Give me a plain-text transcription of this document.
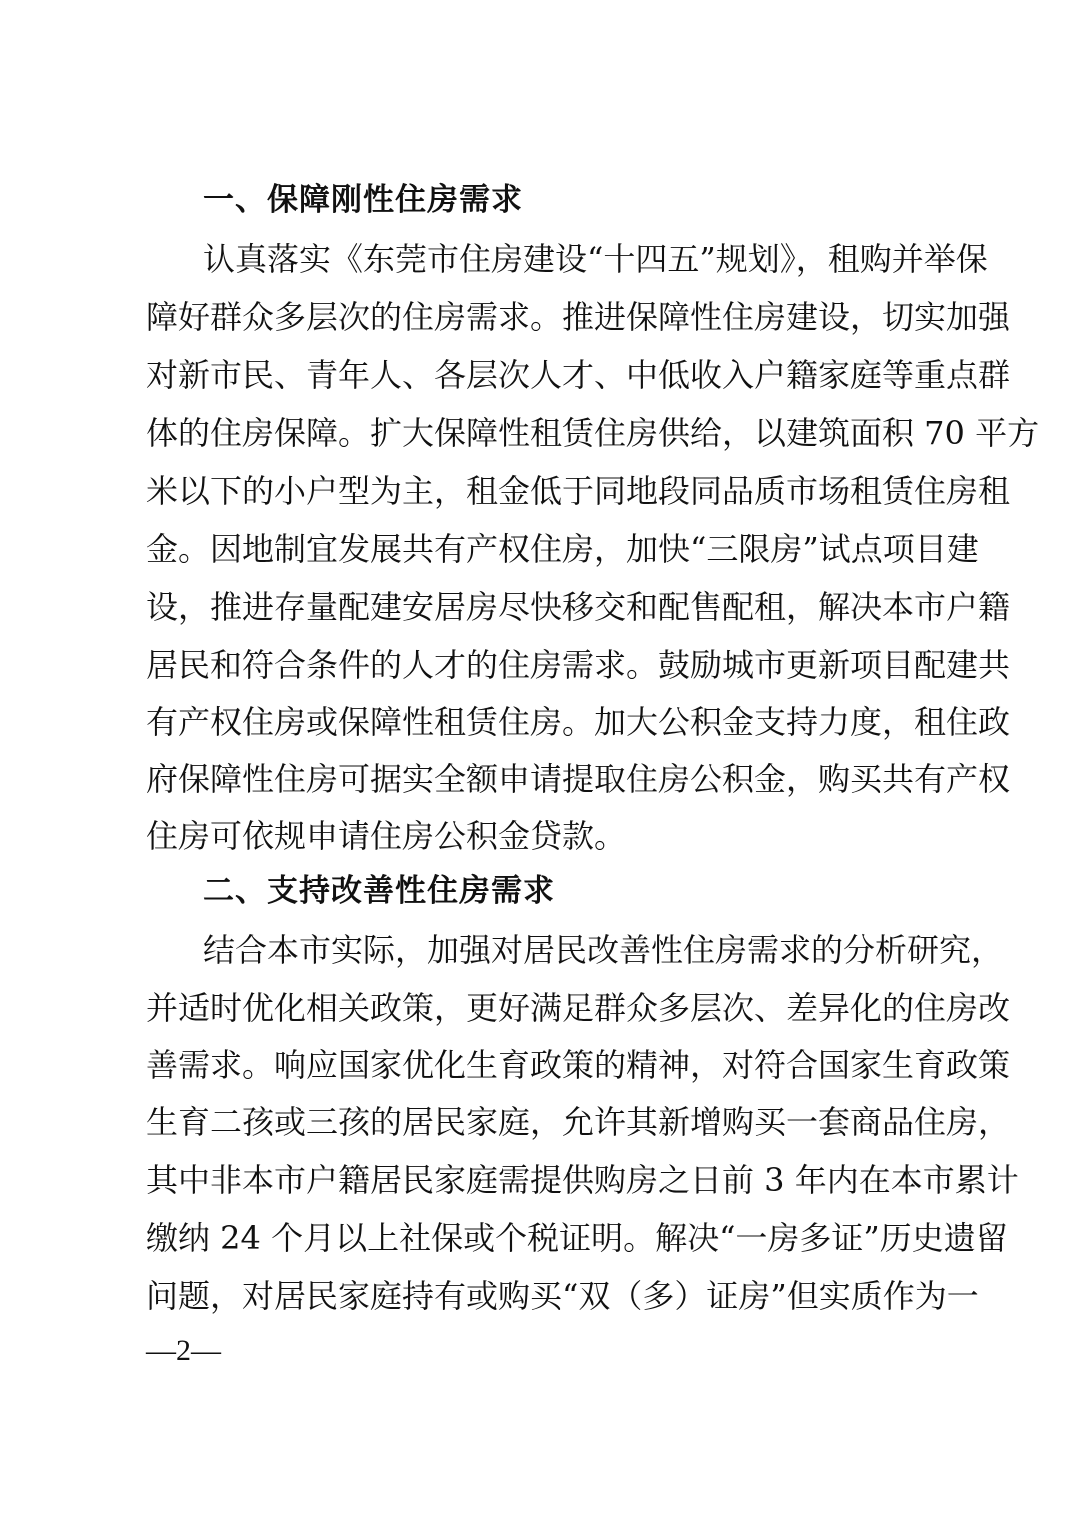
一、保障刚性住房需求
认真落实《东莞市住房建设“十四五”规划》，租购并举保
障好群众多层次的住房需求。推进保障性住房建设，切实加强
对新市民、青年人、各层次人才、中低收入户籍家庭等重点群
体的住房保障。扩大保障性租赁住房供给，以建筑面积 70 平方
米以下的小户型为主，租金低于同地段同品质市场租赁住房租
金。因地制宜发展共有产权住房，加快“三限房”试点项目建
设，推进存量配建安居房尽快移交和配售配租，解决本市户籍
居民和符合条件的人才的住房需求。鼓励城市更新项目配建共
有产权住房或保障性租赁住房。加大公积金支持力度，租住政
府保障性住房可据实全额申请提取住房公积金，购买共有产权
住房可依规申请住房公积金贷款。
二、支持改善性住房需求
结合本市实际，加强对居民改善性住房需求的分析研究，
并适时优化相关政策，更好满足群众多层次、差异化的住房改
善需求。响应国家优化生育政策的精神，对符合国家生育政策
生育二孩或三孩的居民家庭，允许其新增购买一套商品住房，
其中非本市户籍居民家庭需提供购房之日前 3 年内在本市累计
缴纳 24 个月以上社保或个税证明。解决“一房多证”历史遗留
问题，对居民家庭持有或购买“双（多）证房”但实质作为一
—2—
